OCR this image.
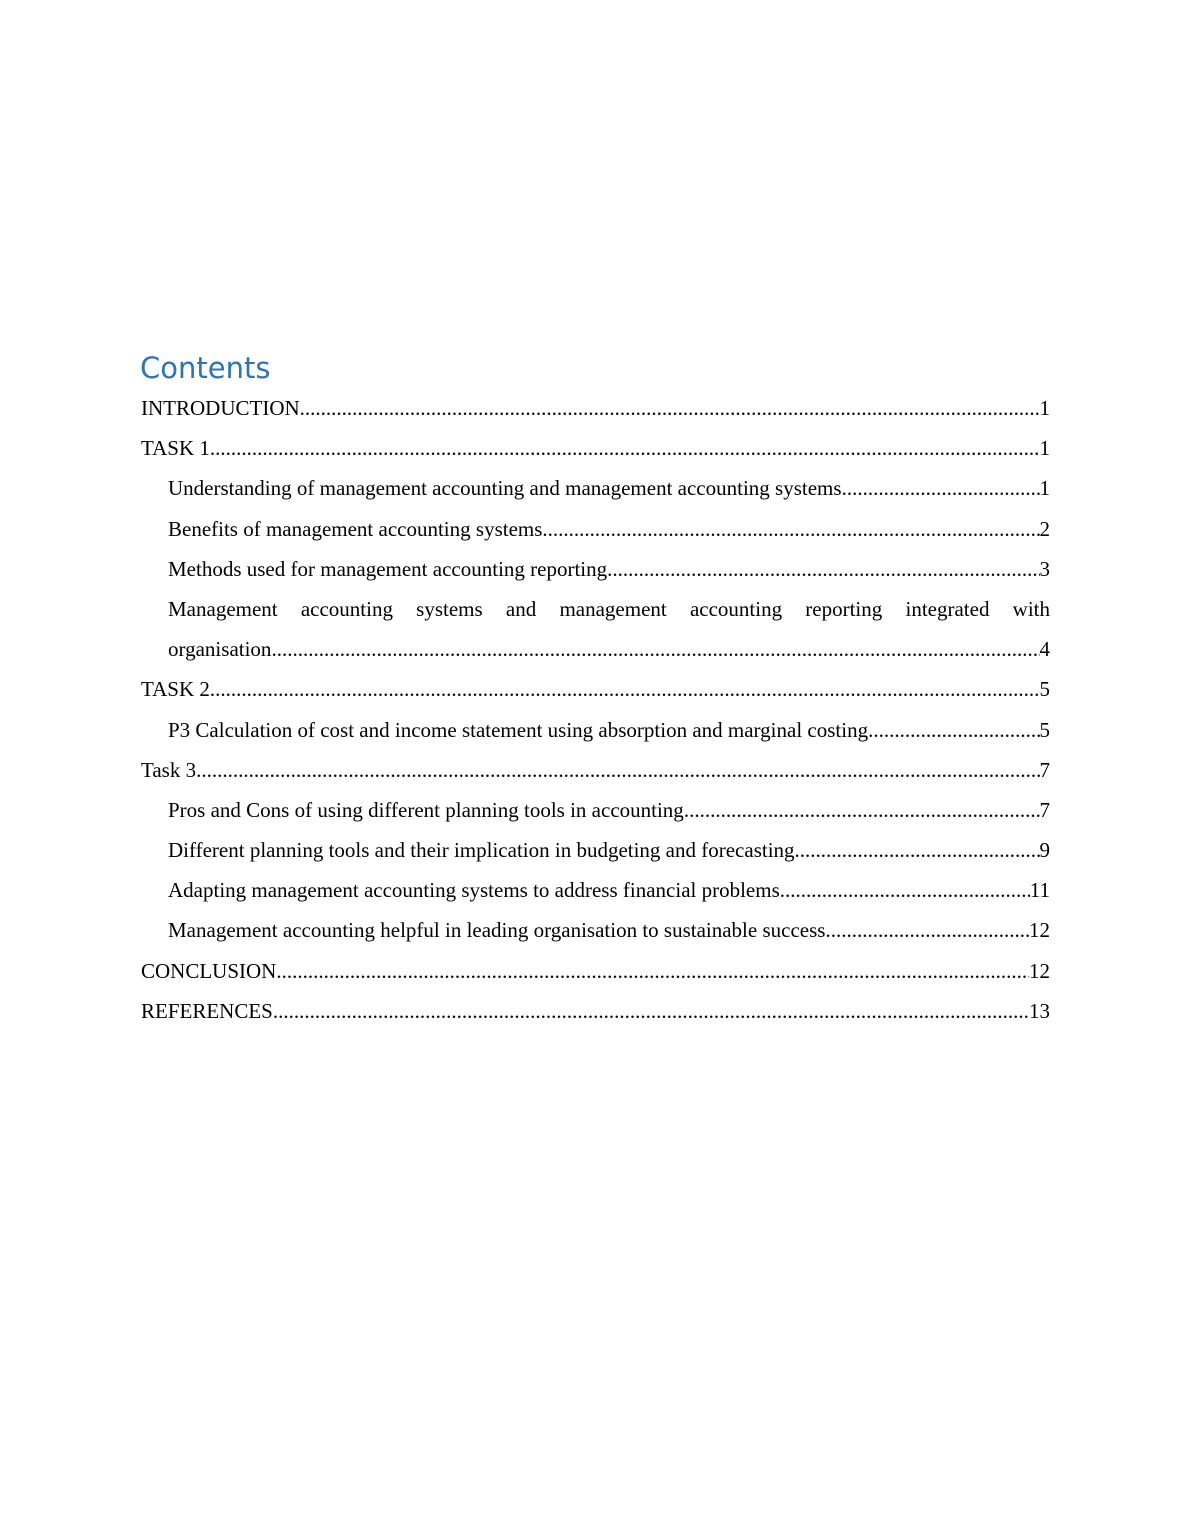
Contents
INTRODUCTION .....	1
TASK 1 .....	1
Understanding of management accounting and management accounting systems .....	1
Benefits of management accounting systems .....	2
Methods used for management accounting reporting .....	3
Management accounting systems and management accounting reporting integrated with
organisation .....	4
TASK 2 .....	5
P3 Calculation of cost and income statement using absorption and marginal costing .....	5
Task 3 .....	7
Pros and Cons of using different planning tools in accounting .....	7
Different planning tools and their implication in budgeting and forecasting .....	9
Adapting management accounting systems to address financial problems .....	11
Management accounting helpful in leading organisation to sustainable success .....	12
CONCLUSION .....	12
REFERENCES .....	13
